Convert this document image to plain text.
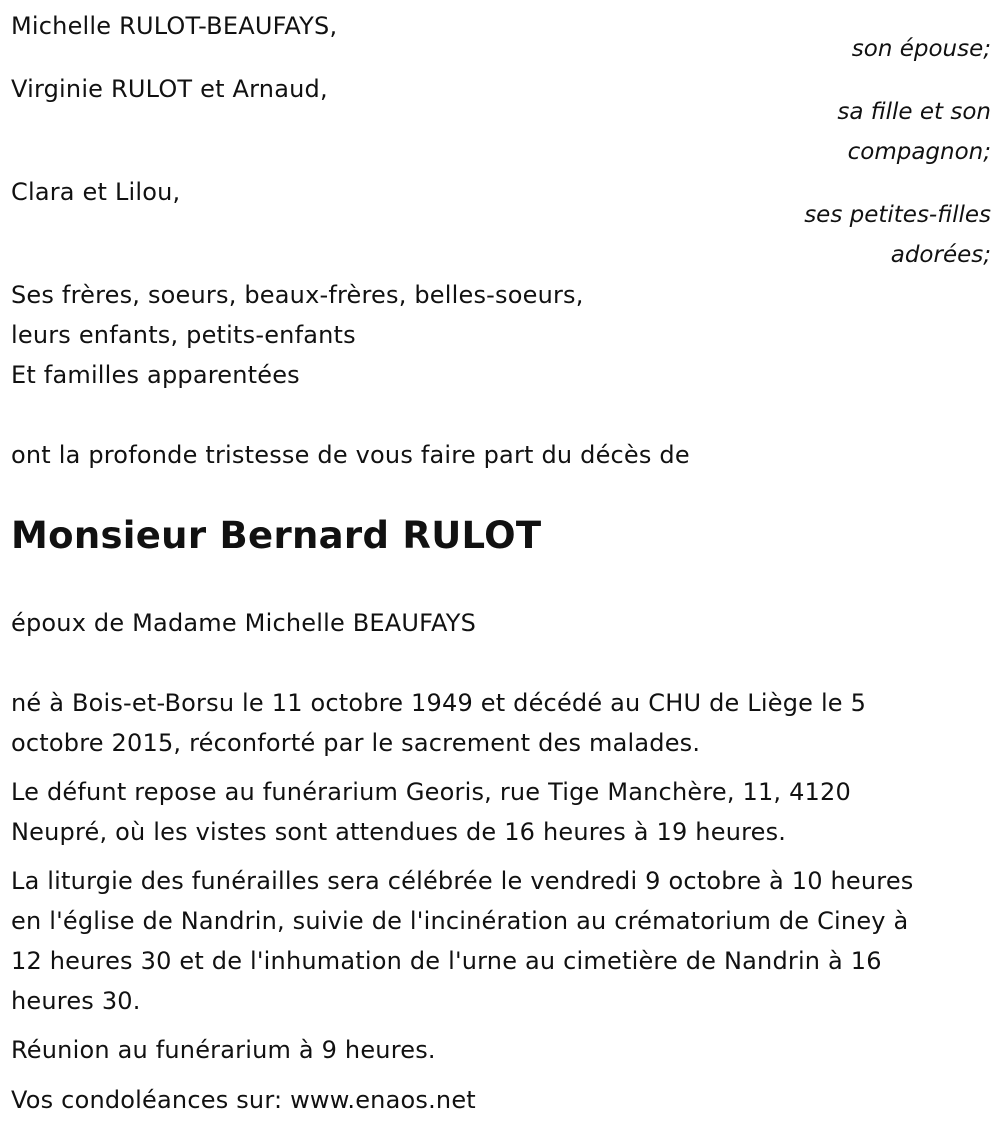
Michelle RULOT-BEAUFAYS,

son épouse;

Virginie RULOT et Arnaud,

sa fille et son

compagnon;

Clara et Lilou,

ses petites-filles

adorées;

Ses frères, soeurs, beaux-frères, belles-soeurs,

leurs enfants, petits-enfants

Et familles apparentées

ont la profonde tristesse de vous faire part du décès de

Monsieur Bernard RULOT

époux de Madame Michelle BEAUFAYS

né à Bois-et-Borsu le 11 octobre 1949 et décédé au CHU de Liège le 5

octobre 2015, réconforté par le sacrement des malades.

Le défunt repose au funérarium Georis, rue Tige Manchère, 11, 4120

Neupré, où les vistes sont attendues de 16 heures à 19 heures.

La liturgie des funérailles sera célébrée le vendredi 9 octobre à 10 heures

en l'église de Nandrin, suivie de l'incinération au crématorium de Ciney à

12 heures 30 et de l'inhumation de l'urne au cimetière de Nandrin à 16

heures 30.

Réunion au funérarium à 9 heures.

Vos condoléances sur: www.enaos.net
